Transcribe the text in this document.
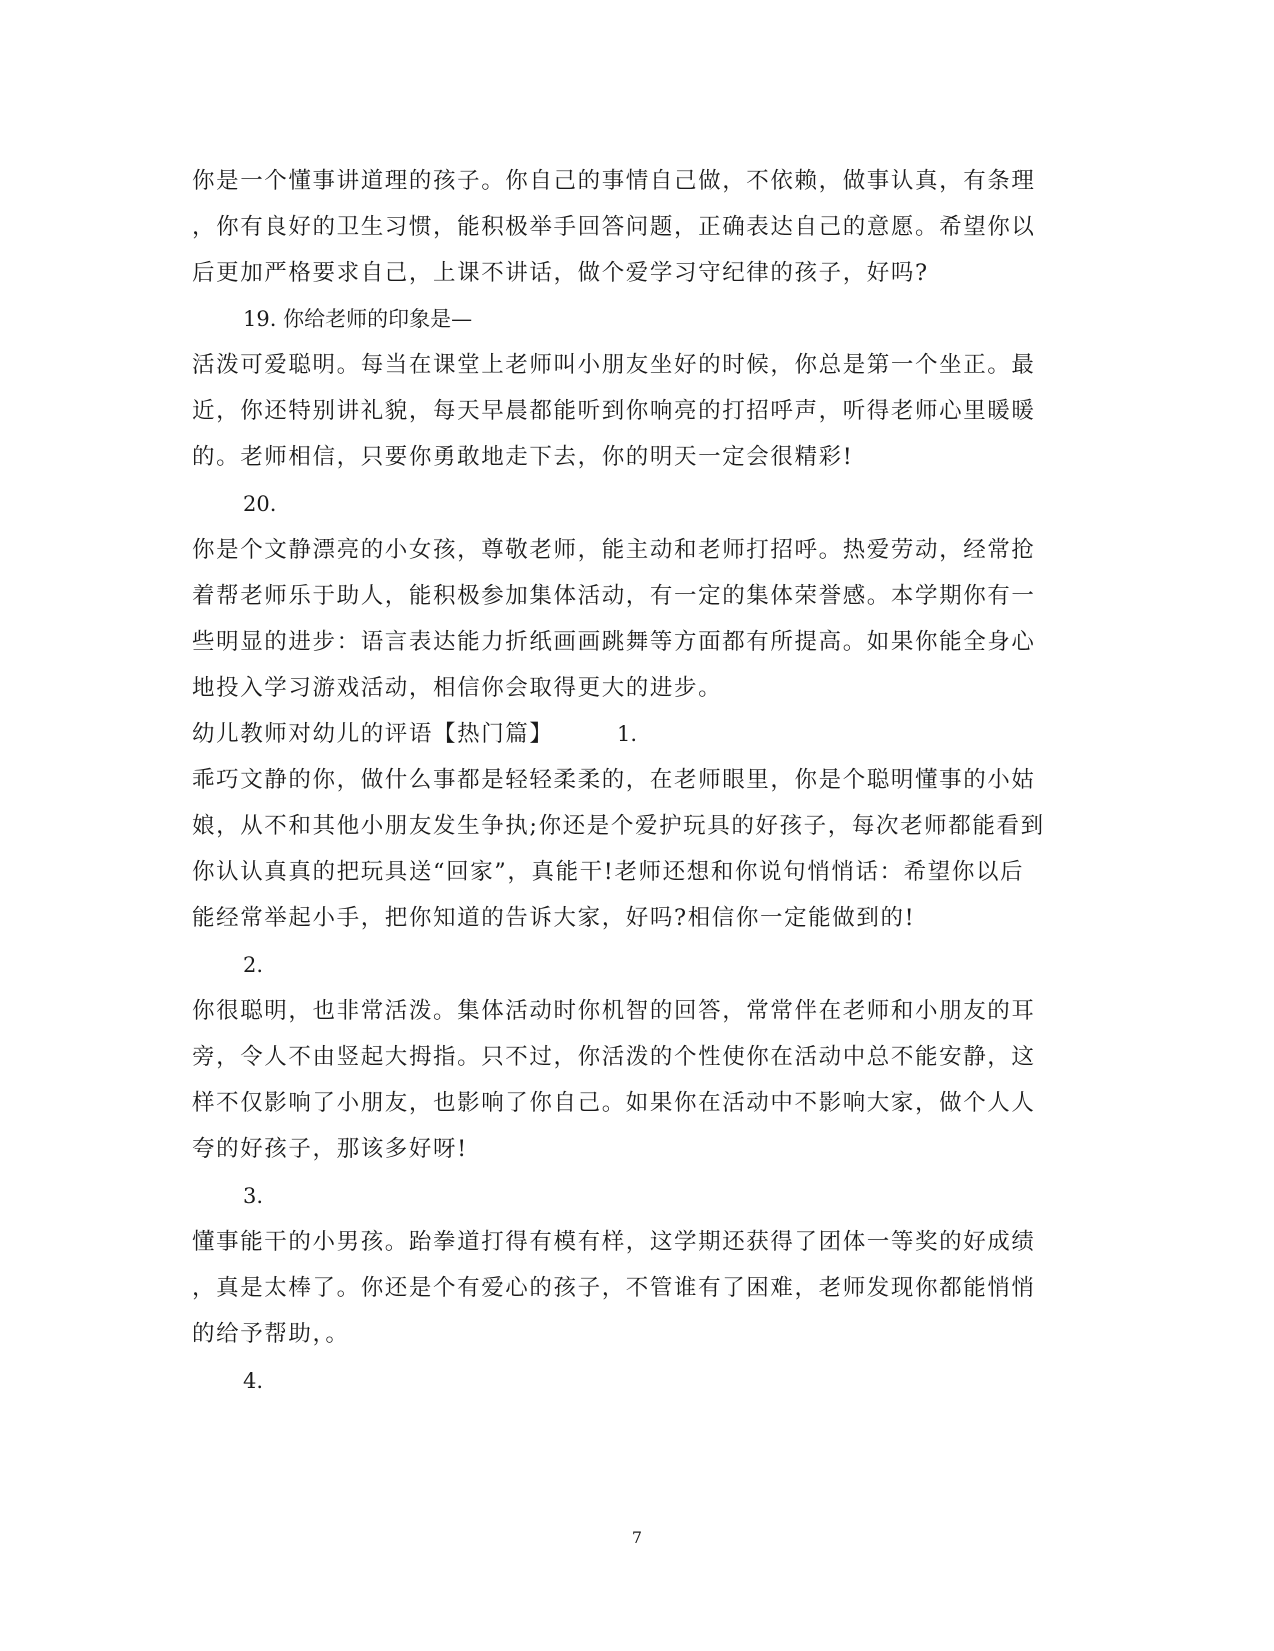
你是一个懂事讲道理的孩子。你自己的事情自己做，不依赖，做事认真，有条理
，你有良好的卫生习惯，能积极举手回答问题，正确表达自己的意愿。希望你以
后更加严格要求自己，上课不讲话，做个爱学习守纪律的孩子，好吗?
19. 你给老师的印象是—
活泼可爱聪明。每当在课堂上老师叫小朋友坐好的时候，你总是第一个坐正。最
近，你还特别讲礼貌，每天早晨都能听到你响亮的打招呼声，听得老师心里暖暖
的。老师相信，只要你勇敢地走下去，你的明天一定会很精彩!
20.
你是个文静漂亮的小女孩，尊敬老师，能主动和老师打招呼。热爱劳动，经常抢
着帮老师乐于助人，能积极参加集体活动，有一定的集体荣誉感。本学期你有一
些明显的进步：语言表达能力折纸画画跳舞等方面都有所提高。如果你能全身心
地投入学习游戏活动，相信你会取得更大的进步。
幼儿教师对幼儿的评语【热门篇】	1.
乖巧文静的你，做什么事都是轻轻柔柔的，在老师眼里，你是个聪明懂事的小姑
娘，从不和其他小朋友发生争执;你还是个爱护玩具的好孩子，每次老师都能看到
你认认真真的把玩具送“回家”，真能干!老师还想和你说句悄悄话：希望你以后
能经常举起小手，把你知道的告诉大家，好吗?相信你一定能做到的!
2.
你很聪明，也非常活泼。集体活动时你机智的回答，常常伴在老师和小朋友的耳
旁，令人不由竖起大拇指。只不过，你活泼的个性使你在活动中总不能安静，这
样不仅影响了小朋友，也影响了你自己。如果你在活动中不影响大家，做个人人
夸的好孩子，那该多好呀!
3.
懂事能干的小男孩。跆拳道打得有模有样，这学期还获得了团体一等奖的好成绩
，真是太棒了。你还是个有爱心的孩子，不管谁有了困难，老师发现你都能悄悄
的给予帮助，。
4.
7
